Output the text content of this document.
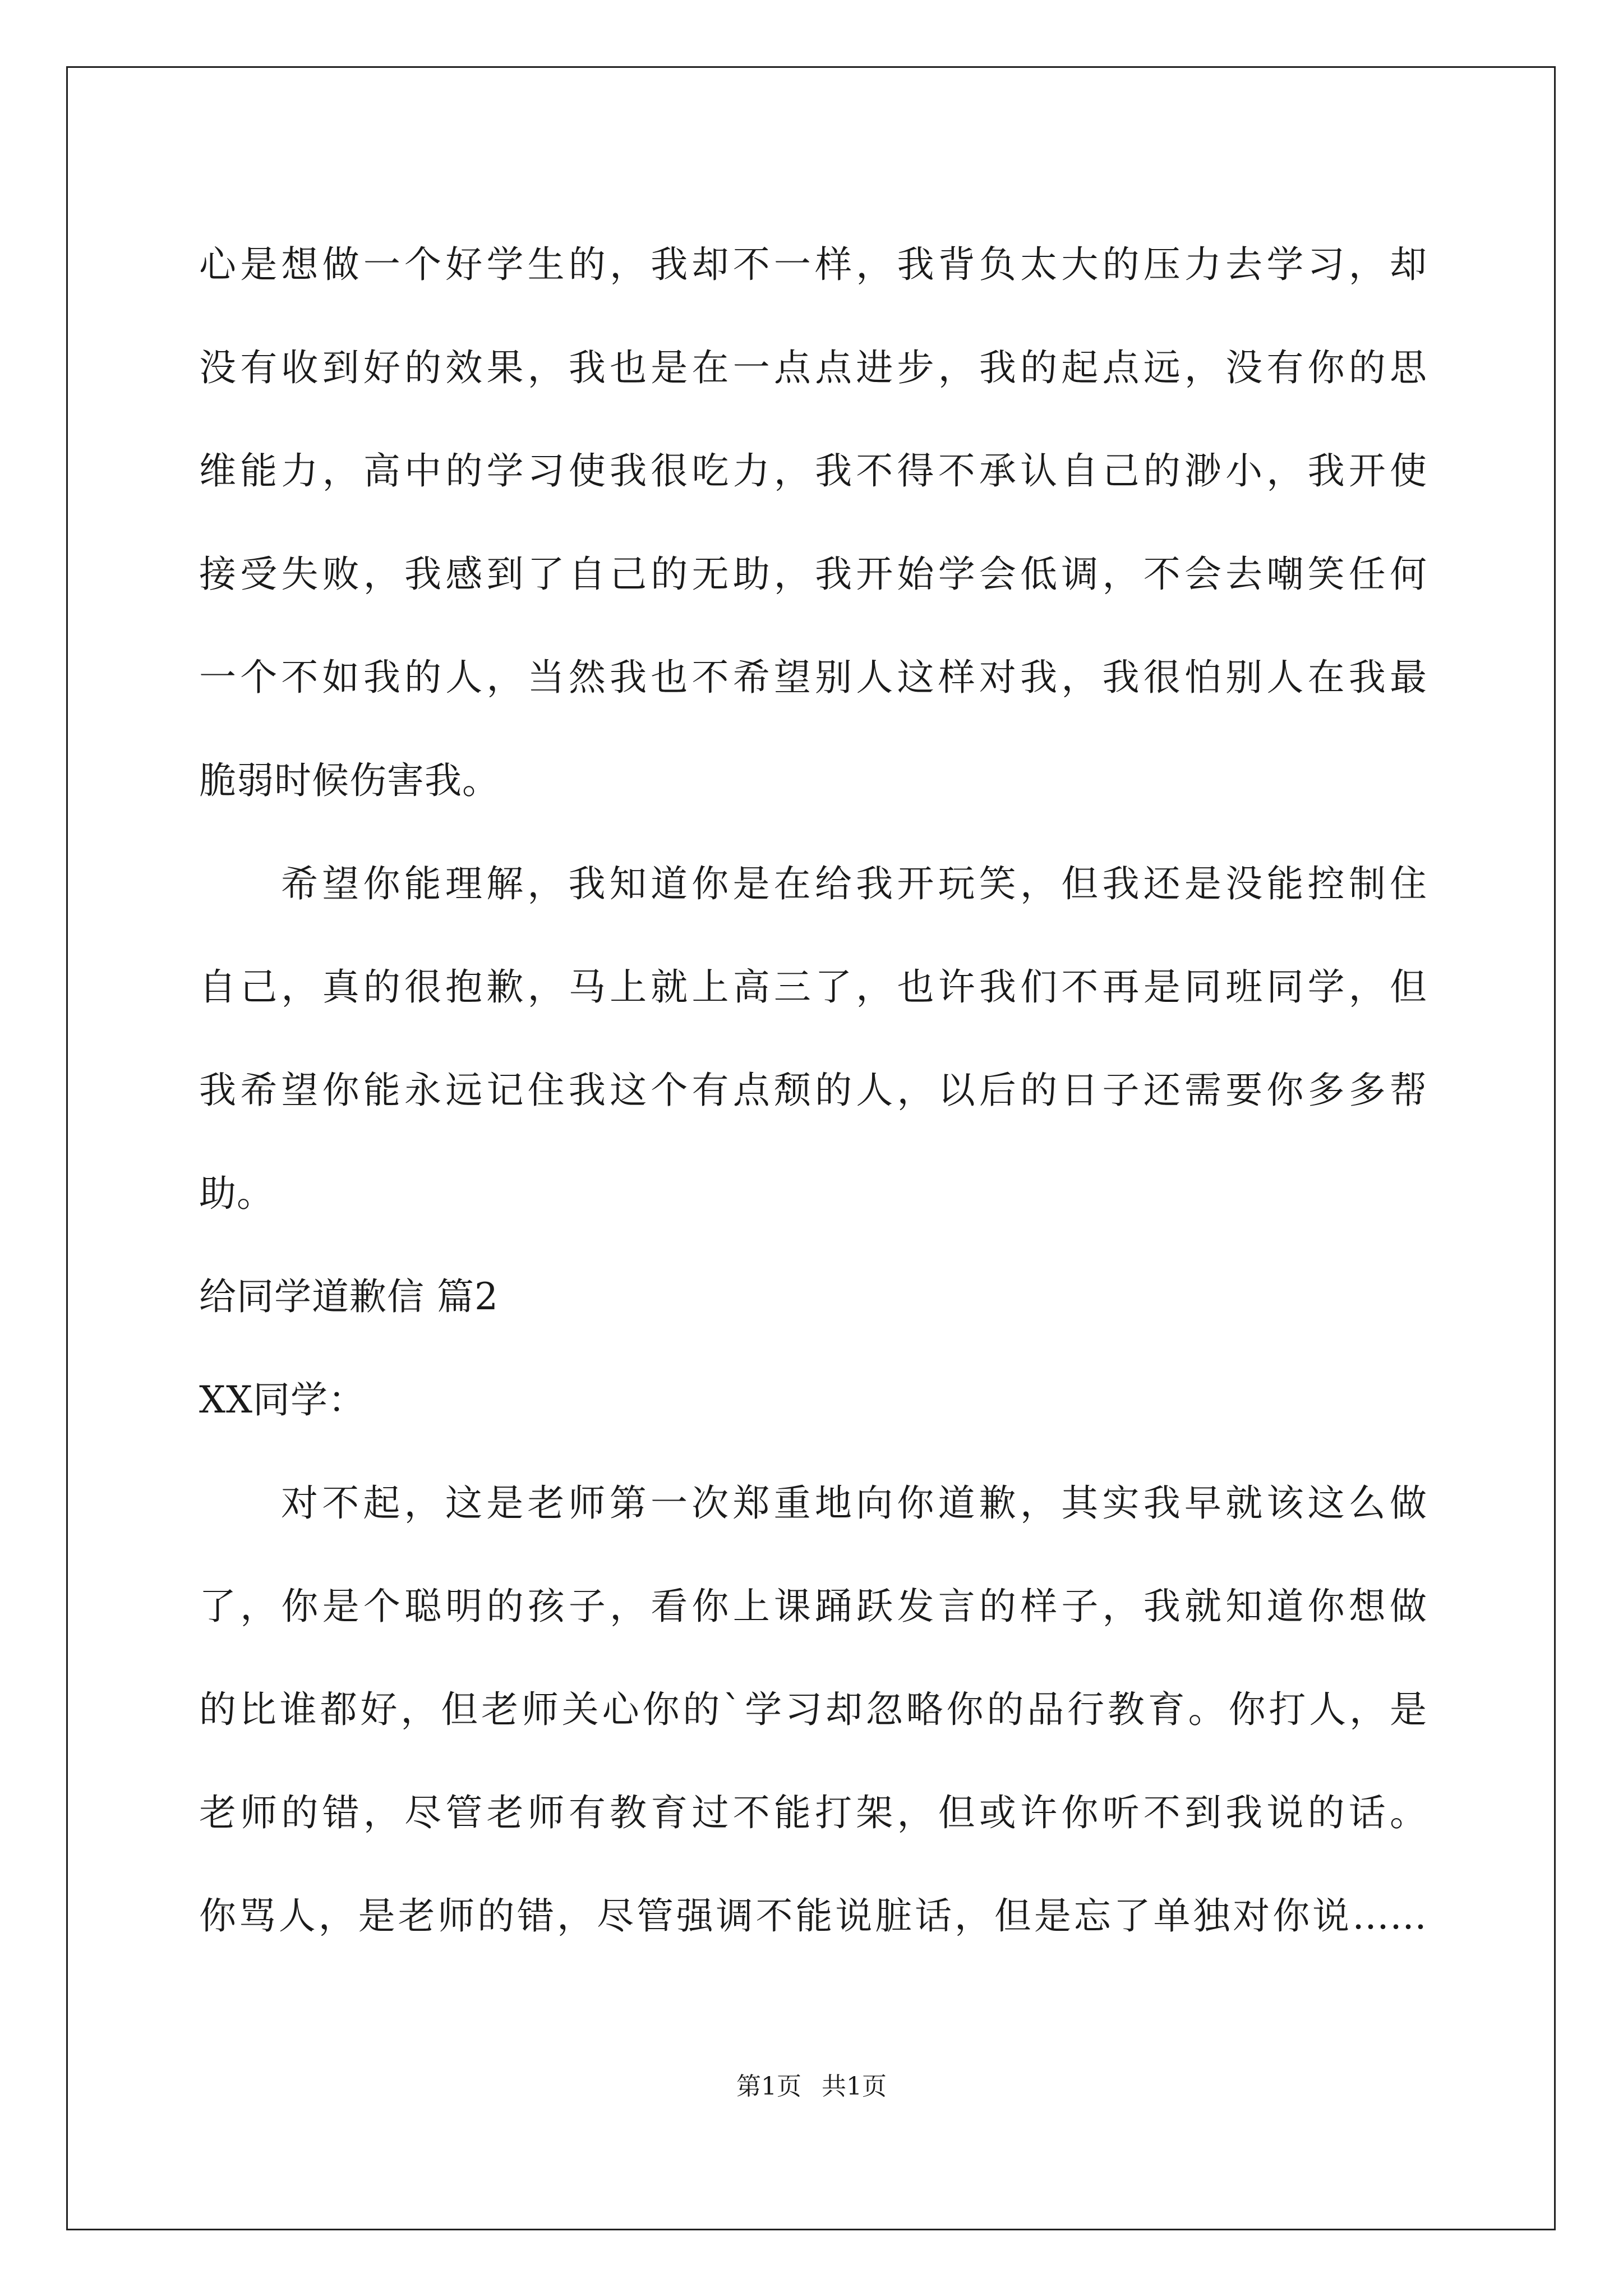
心是想做一个好学生的，我却不一样，我背负太大的压力去学习，却
没有收到好的效果，我也是在一点点进步，我的起点远，没有你的思
维能力，高中的学习使我很吃力，我不得不承认自己的渺小，我开使
接受失败，我感到了自己的无助，我开始学会低调，不会去嘲笑任何
一个不如我的人，当然我也不希望别人这样对我，我很怕别人在我最
脆弱时候伤害我。
希望你能理解，我知道你是在给我开玩笑，但我还是没能控制住
自己，真的很抱歉，马上就上高三了，也许我们不再是同班同学，但
我希望你能永远记住我这个有点颓的人，以后的日子还需要你多多帮
助。
给同学道歉信 篇2
XX同学：
对不起，这是老师第一次郑重地向你道歉，其实我早就该这么做
了，你是个聪明的孩子，看你上课踊跃发言的样子，我就知道你想做
的比谁都好，但老师关心你的`学习却忽略你的品行教育。你打人，是
老师的错，尽管老师有教育过不能打架，但或许你听不到我说的话。
你骂人，是老师的错，尽管强调不能说脏话，但是忘了单独对你说……
第1页 共1页
